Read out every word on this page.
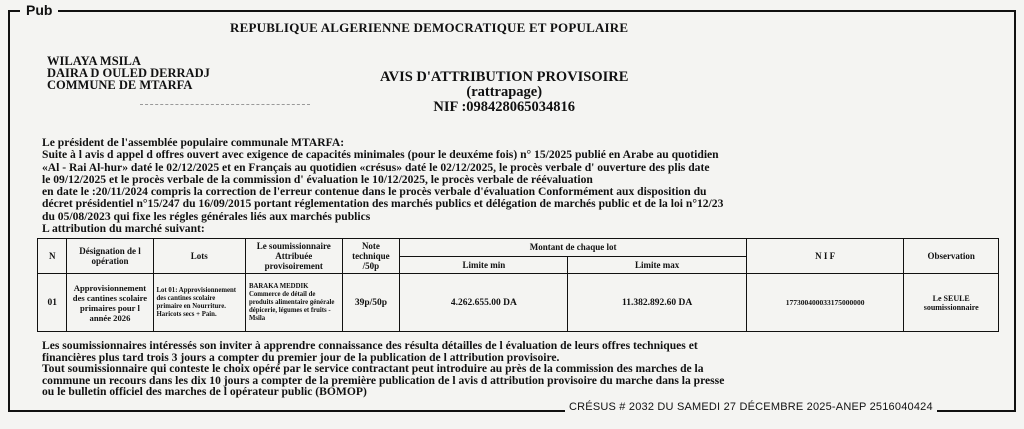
Pub
REPUBLIQUE ALGERIENNE DEMOCRATIQUE ET POPULAIRE
WILAYA MSILA
DAIRA D OULED DERRADJ
COMMUNE DE MTARFA	AVIS D'ATTRIBUTION PROVISOIRE
(rattrapage)
NIF :098428065034816

Le président de l'assemblée populaire communale MTARFA:

Suite à l avis d appel d offres ouvert avec exigence de capacités minimales (pour le deuxéme fois) n° 15/2025 publié en Arabe au quotidien

«Al - Rai Al-hur» daté le 02/12/2025 et en Français au quotidien «crésus» daté le 02/12/2025, le procès verbale d' ouverture des plis date

le 09/12/2025 et le procès verbale de la commission d' évaluation le 10/12/2025, le procès verbale de réévaluation

en date le :20/11/2024 compris la correction de l'erreur contenue dans le procès verbale d'évaluation Conformément aux disposition du

décret présidentiel n°15/247 du 16/09/2015 portant réglementation des marchés publics et délégation de marchés public et de la loi n°12/23

du 05/08/2023 qui fixe les régles générales liés aux marchés publics

L attribution du marché suivant:

N	Désignation de l opération	Lots	Le soumissionnaire Attribuée provisoirement	Note technique /50p	Montant de chaque lot		N I F	Observation
					Limite min	Limite max		
01	Approvisionnement des cantines scolaire primaires pour l année 2026	Lot 01: Approvisionnement des cantines scolaire primaire en Nourriture. Haricots secs + Pain.	BARAKA MEDDIK Commerce de détail de produits alimentaire générale dépicerie, légumes et fruits - Msila	39p/50p	4.262.655.00 DA	11.382.892.60 DA	177300400033175000000	Le SEULE soumissionnaire

Les soumissionnaires intéressés son inviter à apprendre connaissance des résulta détailles de l évaluation de leurs offres techniques et

financières plus tard trois 3 jours a compter du premier jour de la publication de l attribution provisoire.

Tout soumissionnaire qui conteste le choix opéré par le service contractant peut introduire au près de la commission des marches de la

commune un recours dans les dix 10 jours a compter de la première publication de l avis d attribution provisoire du marche dans la presse

ou le bulletin officiel des marches de l opérateur public (BOMOP)

CRÉSUS # 2032 DU SAMEDI 27 DÉCEMBRE 2025-ANEP 2516040424
